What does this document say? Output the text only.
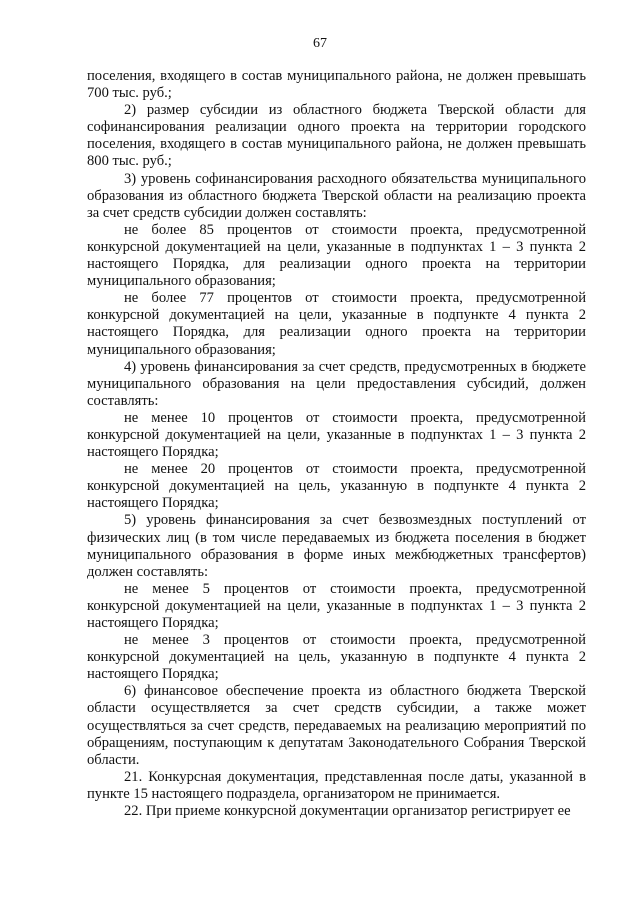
67

поселения, входящего в состав муниципального района, не должен превышать 700 тыс. руб.;

2) размер субсидии из областного бюджета Тверской области для софинансирования реализации одного проекта на территории городского поселения, входящего в состав муниципального района, не должен превышать 800 тыс. руб.;

3) уровень софинансирования расходного обязательства муниципального образования из областного бюджета Тверской области на реализацию проекта за счет средств субсидии должен составлять:

не более 85 процентов от стоимости проекта, предусмотренной конкурсной документацией на цели, указанные в подпунктах 1 – 3 пункта 2 настоящего Порядка, для реализации одного проекта на территории муниципального образования;

не более 77 процентов от стоимости проекта, предусмотренной конкурсной документацией на цели, указанные в подпункте 4 пункта 2 настоящего Порядка, для реализации одного проекта на территории муниципального образования;

4) уровень финансирования за счет средств, предусмотренных в бюджете муниципального образования на цели предоставления субсидий, должен составлять:

не менее 10 процентов от стоимости проекта, предусмотренной конкурсной документацией на цели, указанные в подпунктах 1 – 3 пункта 2 настоящего Порядка;

не менее 20 процентов от стоимости проекта, предусмотренной конкурсной документацией на цель, указанную в подпункте 4 пункта 2 настоящего Порядка;

5) уровень финансирования за счет безвозмездных поступлений от физических лиц (в том числе передаваемых из бюджета поселения в бюджет муниципального образования в форме иных межбюджетных трансфертов) должен составлять:

не менее 5 процентов от стоимости проекта, предусмотренной конкурсной документацией на цели, указанные в подпунктах 1 – 3 пункта 2 настоящего Порядка;

не менее 3 процентов от стоимости проекта, предусмотренной конкурсной документацией на цель, указанную в подпункте 4 пункта 2 настоящего Порядка;

6) финансовое обеспечение проекта из областного бюджета Тверской области осуществляется за счет средств субсидии, а также может осуществляться за счет средств, передаваемых на реализацию мероприятий по обращениям, поступающим к депутатам Законодательного Собрания Тверской области.

21. Конкурсная документация, представленная после даты, указанной в пункте 15 настоящего подраздела, организатором не принимается.

22. При приеме конкурсной документации организатор регистрирует ее
